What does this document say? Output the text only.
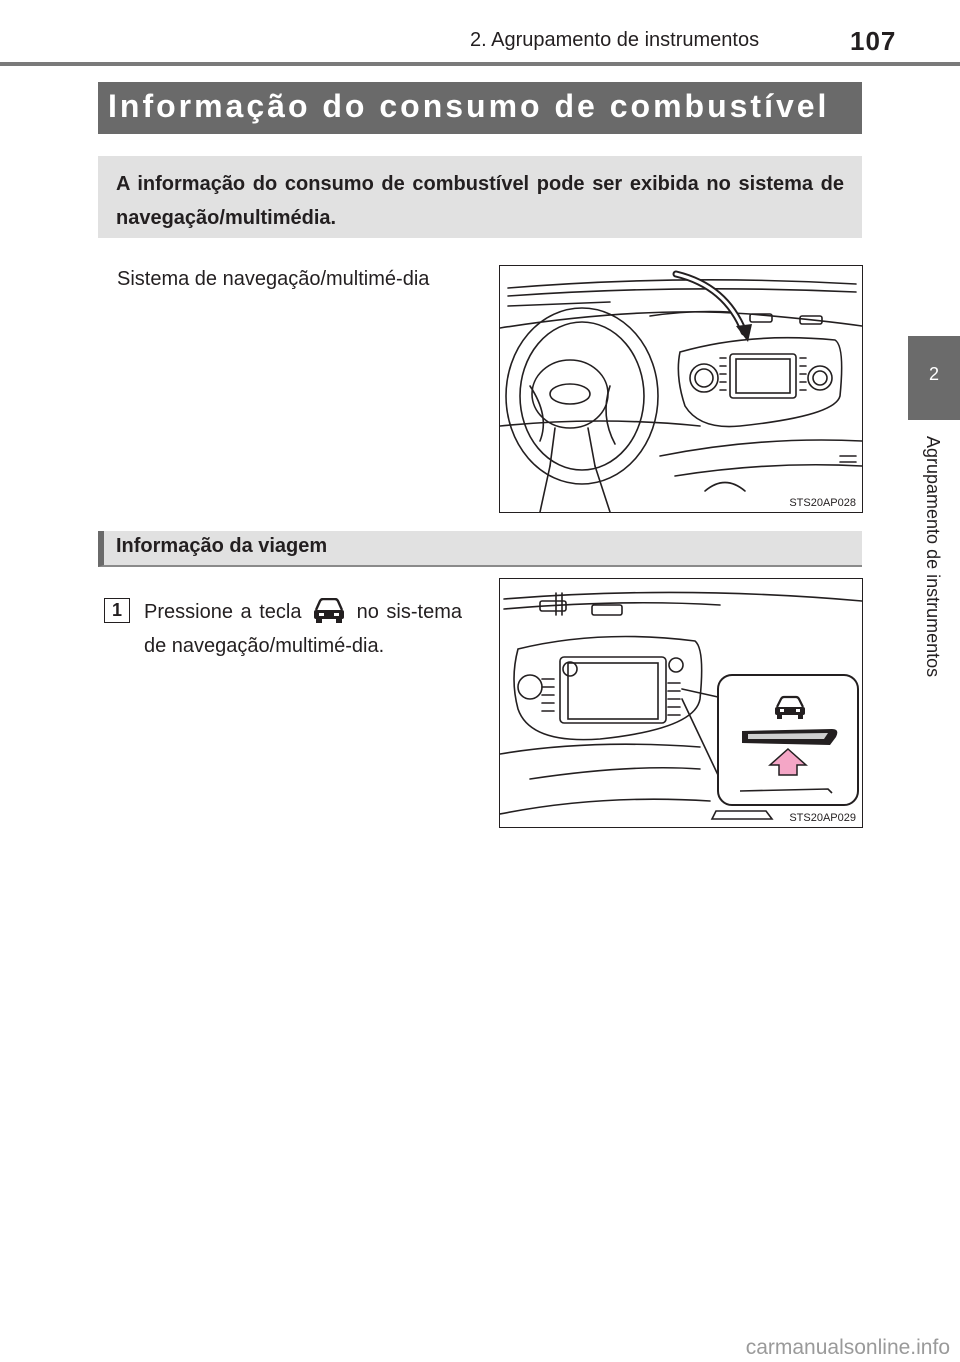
2. Agrupamento de instrumentos	107
2
Agrupamento de instrumentos
Informação do consumo de combustível
A informação do consumo de combustível pode ser exibida no sistema de navegação/multimédia.
Sistema de navegação/multimé-dia
STS20AP028
Informação da viagem
1	Pressione a tecla	no sis-tema de navegação/multimé-dia.
STS20AP029
carmanualsonline.info
